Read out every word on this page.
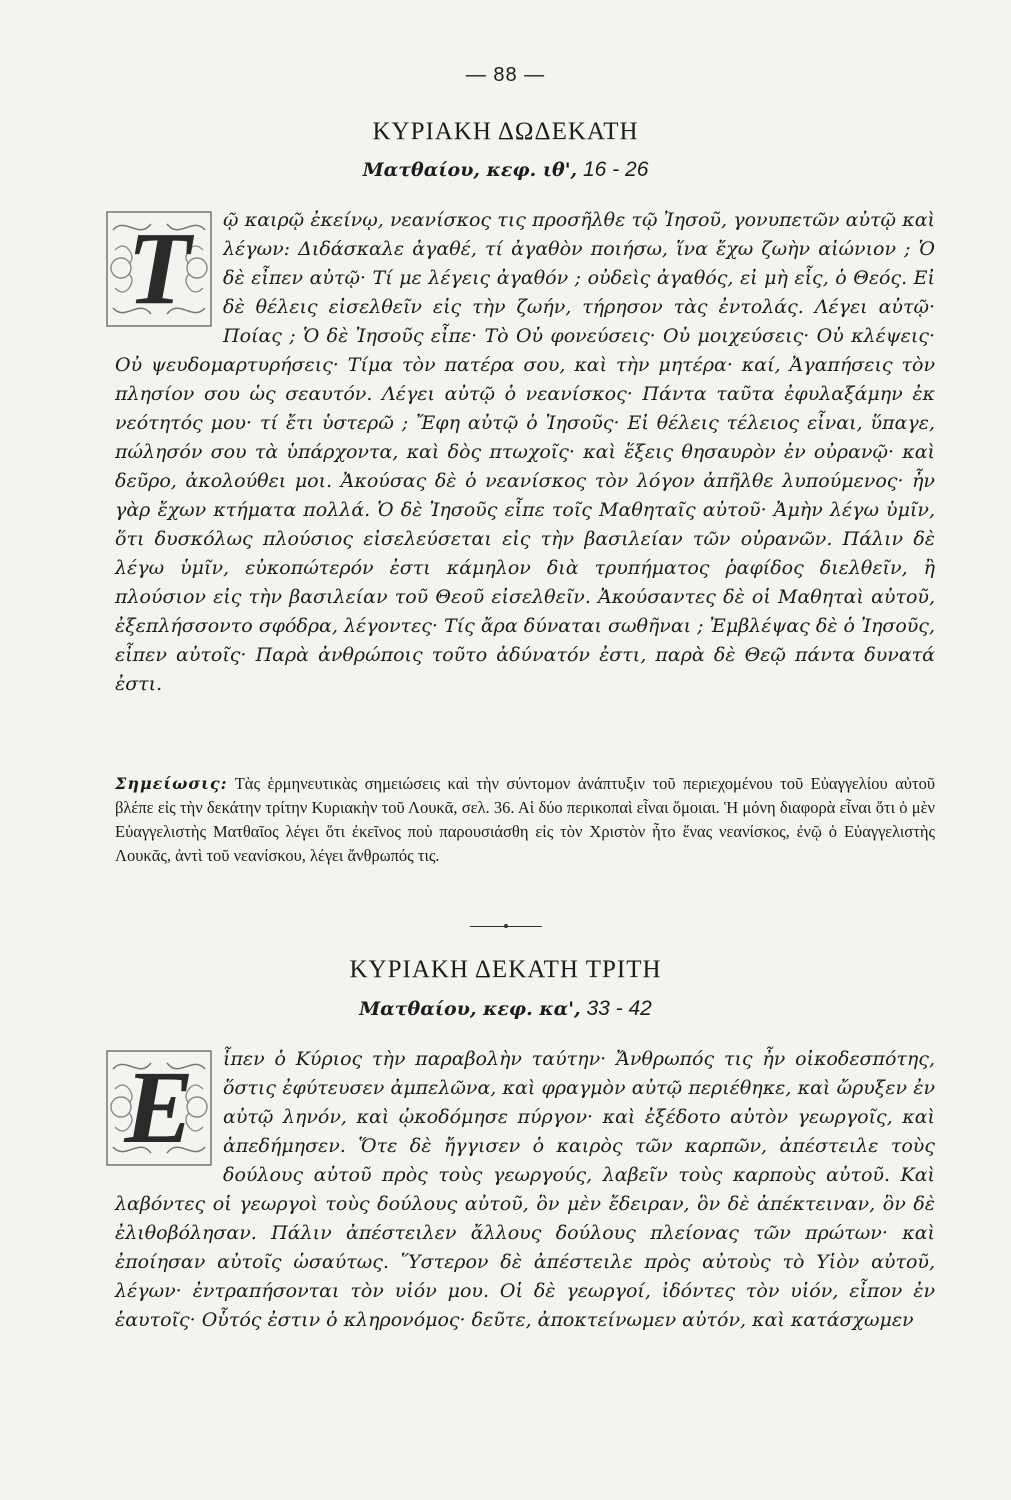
— 88 —
ΚΥΡΙΑΚΗ ΔΩΔΕΚΑΤΗ
Ματθαίου, κεφ. ιθ', 16 - 26
Τ	ῷ καιρῷ ἐκείνῳ, νεανίσκος τις προσῆλθε τῷ Ἰησοῦ, γονυπετῶν αὐτῷ καὶ λέγων: Διδάσκαλε ἀγαθέ, τί ἀγαθὸν ποιήσω, ἵνα ἔχω ζωὴν αἰώνιον ; Ὁ δὲ εἶπεν αὐτῷ· Τί με λέγεις ἀγαθόν ; οὐδεὶς ἀγαθός, εἰ μὴ εἷς, ὁ Θεός. Εἰ δὲ θέλεις εἰσελθεῖν εἰς τὴν ζωήν, τήρησον τὰς ἐντολάς. Λέγει αὐτῷ· Ποίας ; Ὁ δὲ Ἰησοῦς εἶπε· Τὸ Οὐ φονεύσεις· Οὐ μοιχεύσεις· Οὐ κλέψεις· Οὐ ψευδομαρτυρήσεις· Τίμα τὸν πατέρα σου, καὶ τὴν μητέρα· καί, Ἀγαπήσεις τὸν πλησίον σου ὡς σεαυτόν. Λέγει αὐτῷ ὁ νεανίσκος· Πάντα ταῦτα ἐφυλαξάμην ἐκ νεότητός μου· τί ἔτι ὑστερῶ ; Ἔφη αὐτῷ ὁ Ἰησοῦς· Εἰ θέλεις τέλειος εἶναι, ὕπαγε, πώλησόν σου τὰ ὑπάρχοντα, καὶ δὸς πτωχοῖς· καὶ ἕξεις θησαυρὸν ἐν οὐρανῷ· καὶ δεῦρο, ἀκολούθει μοι. Ἀκούσας δὲ ὁ νεανίσκος τὸν λόγον ἀπῆλθε λυπούμενος· ἦν γὰρ ἔχων κτήματα πολλά. Ὁ δὲ Ἰησοῦς εἶπε τοῖς Μαθηταῖς αὐτοῦ· Ἀμὴν λέγω ὑμῖν, ὅτι δυσκόλως πλούσιος εἰσελεύσεται εἰς τὴν βασιλείαν τῶν οὐρανῶν. Πάλιν δὲ λέγω ὑμῖν, εὐκοπώτερόν ἐστι κάμηλον διὰ τρυπήματος ῥαφίδος διελθεῖν, ἢ πλούσιον εἰς τὴν βασιλείαν τοῦ Θεοῦ εἰσελθεῖν. Ἀκούσαντες δὲ οἱ Μαθηταὶ αὐτοῦ, ἐξεπλήσσοντο σφόδρα, λέγοντες· Τίς ἄρα δύναται σωθῆναι ; Ἐμβλέψας δὲ ὁ Ἰησοῦς, εἶπεν αὐτοῖς· Παρὰ ἀνθρώποις τοῦτο ἀδύνατόν ἐστι, παρὰ δὲ Θεῷ πάντα δυνατά ἐστι.
Σημείωσις: Τὰς ἑρμηνευτικὰς σημειώσεις καὶ τὴν σύντομον ἀνάπτυξιν τοῦ περιεχομένου τοῦ Εὐαγγελίου αὐτοῦ βλέπε εἰς τὴν δεκάτην τρίτην Κυριακὴν τοῦ Λουκᾶ, σελ. 36. Αἱ δύο περικοπαὶ εἶναι ὅμοιαι. Ἡ μόνη διαφορὰ εἶναι ὅτι ὁ μὲν Εὐαγγελιστὴς Ματθαῖος λέγει ὅτι ἐκεῖνος ποὺ παρουσιάσθη εἰς τὸν Χριστὸν ἦτο ἕνας νεανίσκος, ἐνῷ ὁ Εὐαγγελιστὴς Λουκᾶς, ἀντὶ τοῦ νεανίσκου, λέγει ἄνθρωπός τις.
ΚΥΡΙΑΚΗ ΔΕΚΑΤΗ ΤΡΙΤΗ
Ματθαίου, κεφ. κα', 33 - 42
Ε	ἶπεν ὁ Κύριος τὴν παραβολὴν ταύτην· Ἄνθρωπός τις ἦν οἰκοδεσπότης, ὅστις ἐφύτευσεν ἀμπελῶνα, καὶ φραγμὸν αὐτῷ περιέθηκε, καὶ ὤρυξεν ἐν αὐτῷ ληνόν, καὶ ᾠκοδόμησε πύργον· καὶ ἐξέδοτο αὐτὸν γεωργοῖς, καὶ ἀπεδήμησεν. Ὅτε δὲ ἤγγισεν ὁ καιρὸς τῶν καρπῶν, ἀπέστειλε τοὺς δούλους αὐτοῦ πρὸς τοὺς γεωργούς, λαβεῖν τοὺς καρποὺς αὐτοῦ. Καὶ λαβόντες οἱ γεωργοὶ τοὺς δούλους αὐτοῦ, ὃν μὲν ἔδειραν, ὃν δὲ ἀπέκτειναν, ὃν δὲ ἐλιθοβόλησαν. Πάλιν ἀπέστειλεν ἄλλους δούλους πλείονας τῶν πρώτων· καὶ ἐποίησαν αὐτοῖς ὡσαύτως. Ὕστερον δὲ ἀπέστειλε πρὸς αὐτοὺς τὸ Υἱὸν αὐτοῦ, λέγων· ἐντραπήσονται τὸν υἱόν μου. Οἱ δὲ γεωργοί, ἰδόντες τὸν υἱόν, εἶπον ἐν ἑαυτοῖς· Οὗτός ἐστιν ὁ κληρονόμος· δεῦτε, ἀποκτείνωμεν αὐτόν, καὶ κατάσχωμεν
